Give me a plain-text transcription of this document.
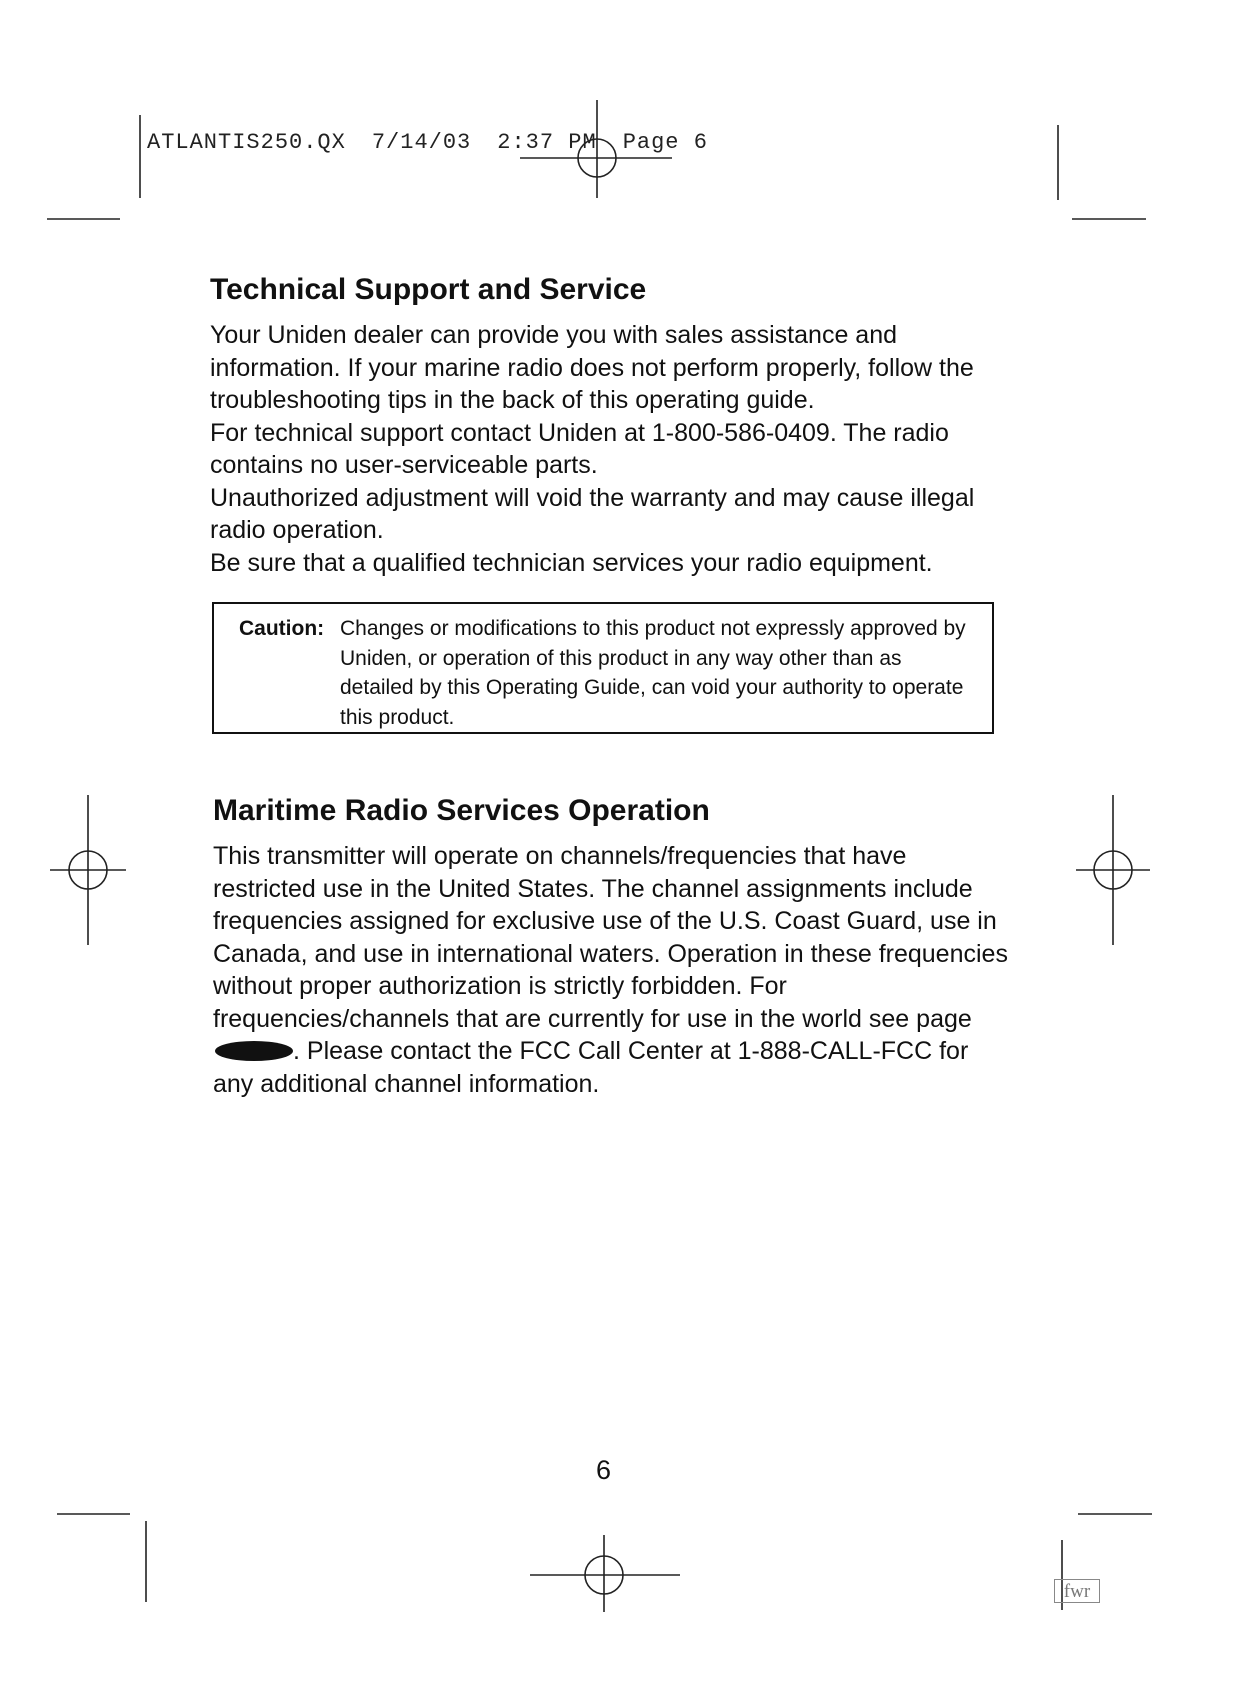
ATLANTIS250.QX 7/14/03 2:37 PM Page 6
Technical Support and Service

Your Uniden dealer can provide you with sales assistance and information. If your marine radio does not perform properly, follow the troubleshooting tips in the back of this operating guide.

For technical support contact Uniden at 1-800-586-0409. The radio contains no user-serviceable parts.

Unauthorized adjustment will void the warranty and may cause illegal radio operation.

Be sure that a qualified technician services your radio equipment.

Caution: Changes or modifications to this product not expressly approved by Uniden, or operation of this product in any way other than as detailed by this Operating Guide, can void your authority to operate this product.
Maritime Radio Services Operation

This transmitter will operate on channels/frequencies that have restricted use in the United States. The channel assignments include frequencies assigned for exclusive use of the U.S. Coast Guard, use in Canada, and use in international waters. Operation in these frequencies without proper authorization is strictly forbidden. For frequencies/channels that are currently for use in the world see page. Please contact the FCC Call Center at 1-888-CALL-FCC for any additional channel information.

6
fwr
